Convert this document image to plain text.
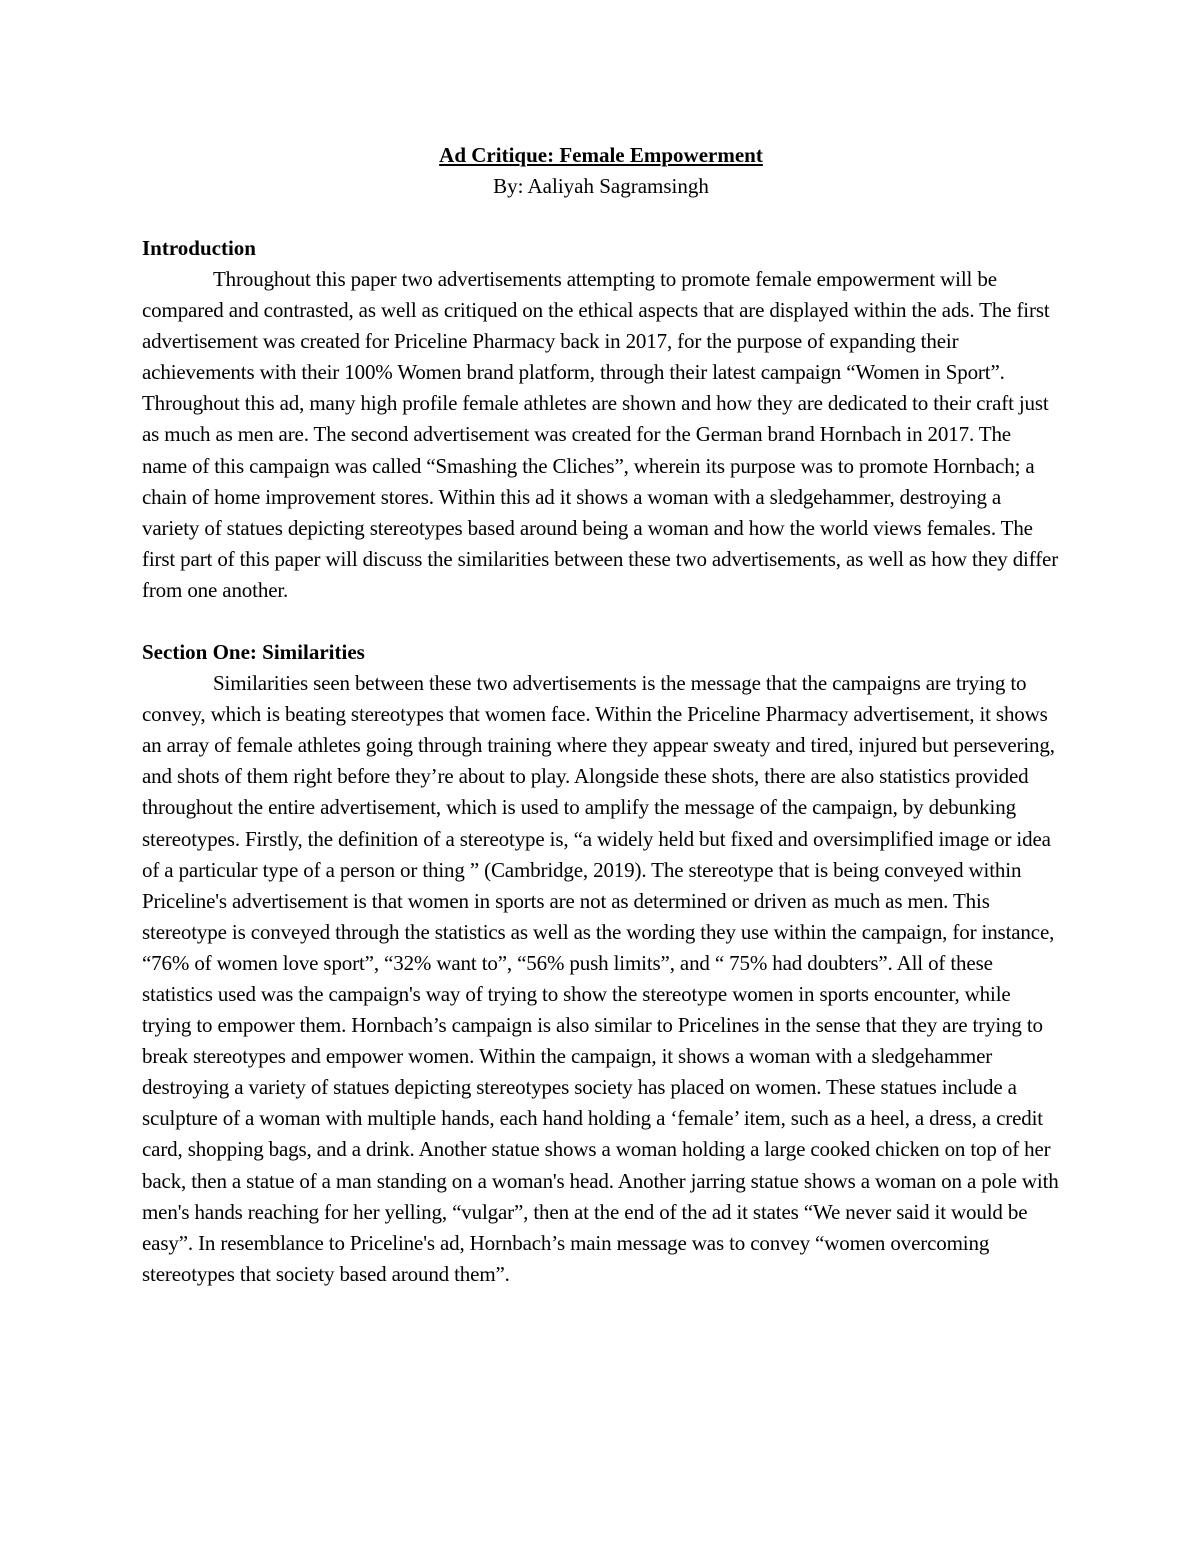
Ad Critique: Female Empowerment

By: Aaliyah Sagramsingh

Introduction

Throughout this paper two advertisements attempting to promote female empowerment will be compared and contrasted, as well as critiqued on the ethical aspects that are displayed within the ads. The first advertisement was created for Priceline Pharmacy back in 2017, for the purpose of expanding their achievements with their 100% Women brand platform, through their latest campaign “Women in Sport”. Throughout this ad, many high profile female athletes are shown and how they are dedicated to their craft just as much as men are. The second advertisement was created for the German brand Hornbach in 2017. The name of this campaign was called “Smashing the Cliches”, wherein its purpose was to promote Hornbach; a chain of home improvement stores. Within this ad it shows a woman with a sledgehammer, destroying a variety of statues depicting stereotypes based around being a woman and how the world views females. The first part of this paper will discuss the similarities between these two advertisements, as well as how they differ from one another.

Section One: Similarities

Similarities seen between these two advertisements is the message that the campaigns are trying to convey, which is beating stereotypes that women face. Within the Priceline Pharmacy advertisement, it shows an array of female athletes going through training where they appear sweaty and tired, injured but persevering, and shots of them right before they’re about to play. Alongside these shots, there are also statistics provided throughout the entire advertisement, which is used to amplify the message of the campaign, by debunking stereotypes. Firstly, the definition of a stereotype is, “a widely held but fixed and oversimplified image or idea of a particular type of a person or thing ” (Cambridge, 2019). The stereotype that is being conveyed within Priceline's advertisement is that women in sports are not as determined or driven as much as men. This stereotype is conveyed through the statistics as well as the wording they use within the campaign, for instance, “76% of women love sport”, “32% want to”, “56% push limits”, and “ 75% had doubters”. All of these statistics used was the campaign's way of trying to show the stereotype women in sports encounter, while trying to empower them. Hornbach’s campaign is also similar to Pricelines in the sense that they are trying to break stereotypes and empower women. Within the campaign, it shows a woman with a sledgehammer destroying a variety of statues depicting stereotypes society has placed on women. These statues include a sculpture of a woman with multiple hands, each hand holding a ‘female’ item, such as a heel, a dress, a credit card, shopping bags, and a drink. Another statue shows a woman holding a large cooked chicken on top of her back, then a statue of a man standing on a woman's head. Another jarring statue shows a woman on a pole with men's hands reaching for her yelling, “vulgar”, then at the end of the ad it states “We never said it would be easy”. In resemblance to Priceline's ad, Hornbach’s main message was to convey “women overcoming stereotypes that society based around them”.
